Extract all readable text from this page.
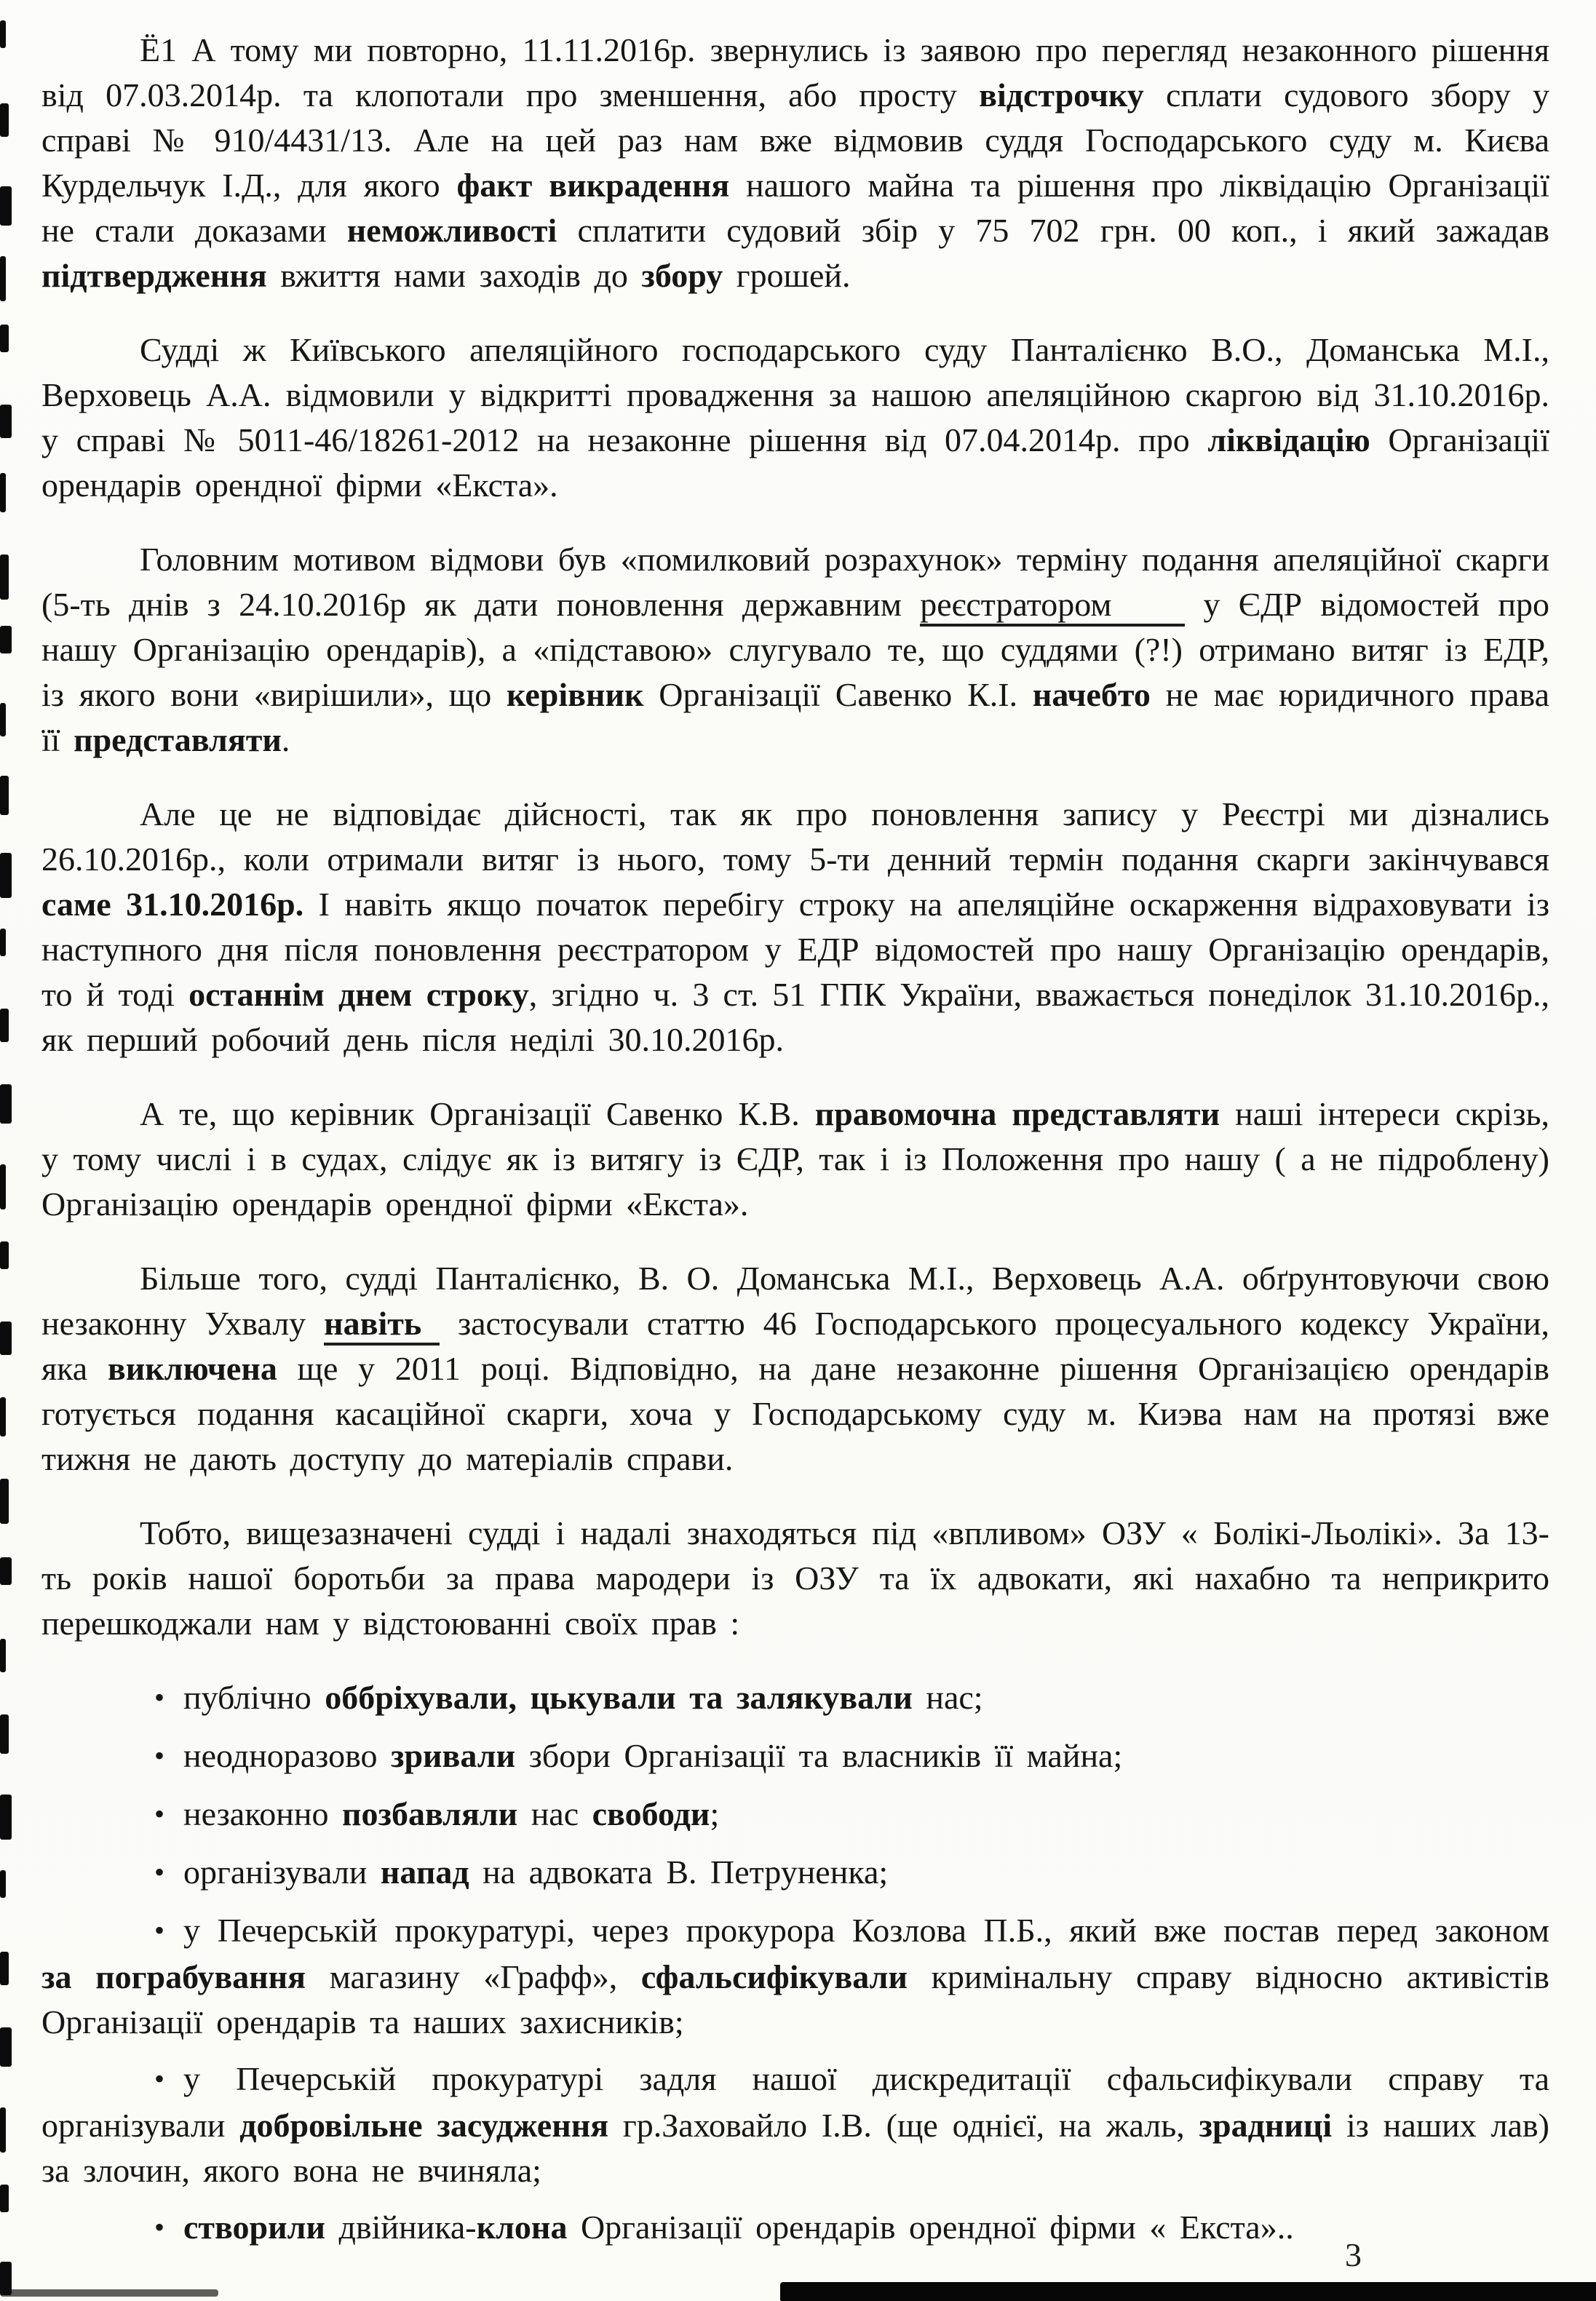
Ё1 А тому ми повторно, 11.11.2016р. звернулись із заявою про перегляд незаконного рішення від 07.03.2014р. та клопотали про зменшення, або просту відстрочку сплати судового збору у справі № 910/4431/13. Але на цей раз нам вже відмовив суддя Господарського суду м. Києва Курдельчук І.Д., для якого факт викрадення нашого майна та рішення про ліквідацію Організації не стали доказами неможливості сплатити судовий збір у 75 702 грн. 00 коп., і який зажадав підтвердження вжиття нами заходів до збору грошей.

Судді ж Київського апеляційного господарського суду Панталієнко В.О., Доманська М.І., Верховець А.А. відмовили у відкритті провадження за нашою апеляційною скаргою від 31.10.2016р. у справі № 5011-46/18261-2012 на незаконне рішення від 07.04.2014р. про ліквідацію Організації орендарів орендної фірми «Екста».

Головним мотивом відмови був «помилковий розрахунок» терміну подання апеляційної скарги (5-ть днів з 24.10.2016р як дати поновлення державним реєстратором     у ЄДР відомостей про нашу Організацію орендарів), а «підставою» слугувало те, що суддями (?!) отримано витяг із ЕДР, із якого вони «вирішили», що керівник Організації Савенко К.І. начебто не має юридичного права її представляти.

Але це не відповідає дійсності, так як про поновлення запису у Реєстрі ми дізнались 26.10.2016р., коли отримали витяг із нього, тому 5-ти денний термін подання скарги закінчувався саме 31.10.2016р. І навіть якщо початок перебігу строку на апеляційне оскарження відраховувати із наступного дня після поновлення реєстратором у ЕДР відомостей про нашу Організацію орендарів, то й тоді останнім днем строку, згідно ч. 3 ст. 51 ГПК України, вважається понеділок 31.10.2016р., як перший робочий день після неділі 30.10.2016р.

А те, що керівник Організації Савенко К.В. правомочна представляти наші інтереси скрізь, у тому числі і в судах, слідує як із витягу із ЄДР, так і із Положення про нашу ( а не підроблену) Організацію орендарів орендної фірми «Екста».

Більше того, судді Панталієнко, В. О. Доманська М.І., Верховець А.А. обґрунтовуючи свою незаконну Ухвалу навіть  застосували статтю 46 Господарського процесуального кодексу України, яка виключена ще у 2011 році. Відповідно, на дане незаконне рішення Організацією орендарів готується подання касаційної скарги, хоча у Господарському суду м. Киэва нам на протязі вже тижня не дають доступу до матеріалів справи.

Тобто, вищезазначені судді і надалі знаходяться під «впливом» ОЗУ « Болікі-Льолікі». За 13-ть років нашої боротьби за права мародери із ОЗУ та їх адвокати, які нахабно та неприкрито перешкоджали нам у відстоюванні своїх прав :

• публічно оббріхували, цькували та залякували нас;

• неодноразово зривали збори Організації та власників її майна;

• незаконно позбавляли нас свободи;

• організували напад на адвоката В. Петруненка;

• у Печерській прокуратурі, через прокурора Козлова П.Б., який вже постав перед законом за пограбування магазину «Графф», сфальсифікували кримінальну справу відносно активістів Організації орендарів та наших захисників;

• у Печерській прокуратурі задля нашої дискредитації сфальсифікували справу та організували добровільне засудження гр.Заховайло І.В. (ще однієї, на жаль, зрадниці із наших лав) за злочин, якого вона не вчиняла;

• створили двійника-клона Організації орендарів орендної фірми « Екста»..

3
